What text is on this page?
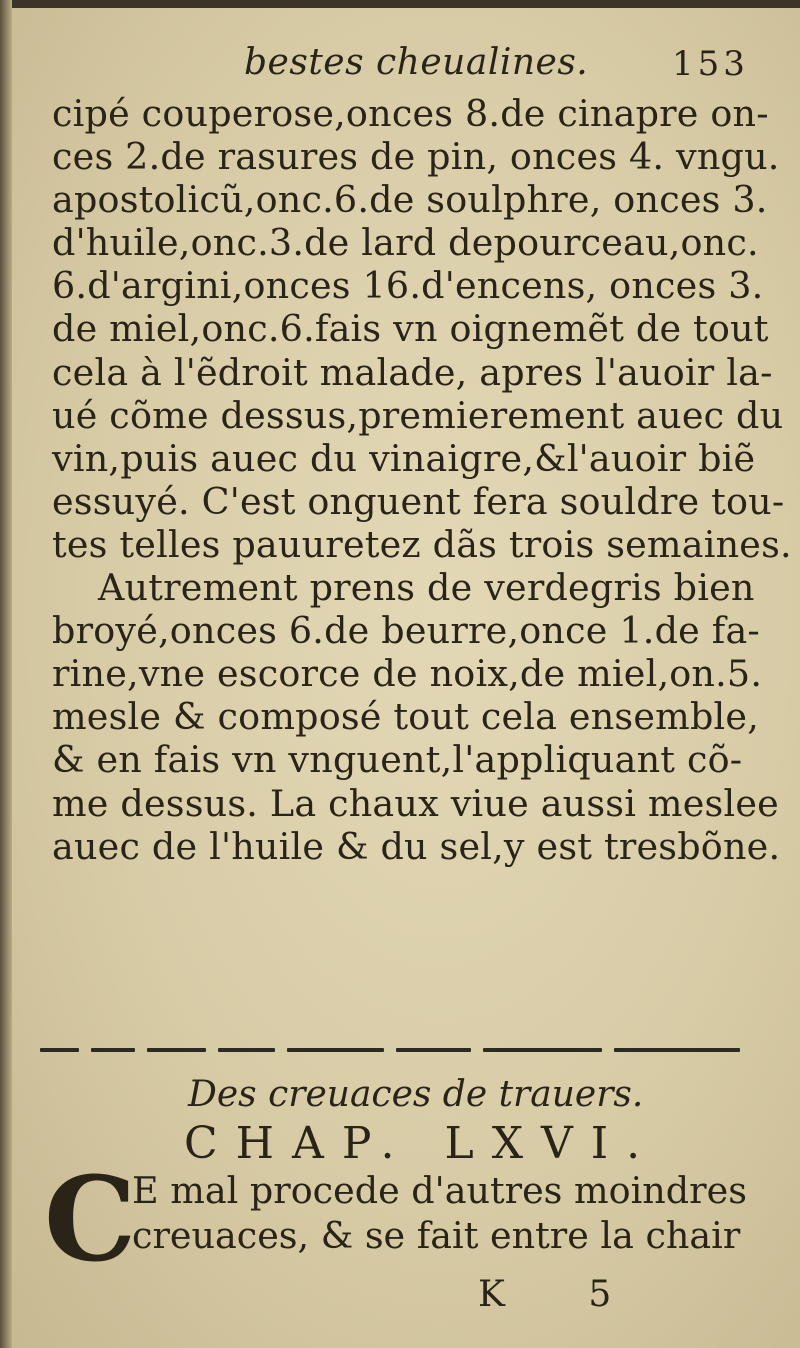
bestes cheualines. 153
cipé couperose,onces 8.de cinapre on-
ces 2.de rasures de pin, onces 4. vngu.
apostolicũ,onc.6.de soulphre, onces 3.
d'huile,onc.3.de lard depourceau,onc.
6.d'argini,onces 16.d'encens, onces 3.
de miel,onc.6.fais vn oignemẽt de tout
cela à l'ẽdroit malade, apres l'auoir la-
ué cõme dessus,premierement auec du
vin,puis auec du vinaigre,&l'auoir biẽ
essuyé. C'est onguent fera souldre tou-
tes telles pauuretez dãs trois semaines.
Autrement prens de verdegris bien
broyé,onces 6.de beurre,once 1.de fa-
rine,vne escorce de noix,de miel,on.5.
mesle & composé tout cela ensemble,
& en fais vn vnguent,l'appliquant cõ-
me dessus. La chaux viue aussi meslee
auec de l'huile & du sel,y est tresbõne.
Des creuaces de trauers.
CHAP. LXVI.
C
E mal procede d'autres moindres
creuaces, & se fait entre la chair
K 5
